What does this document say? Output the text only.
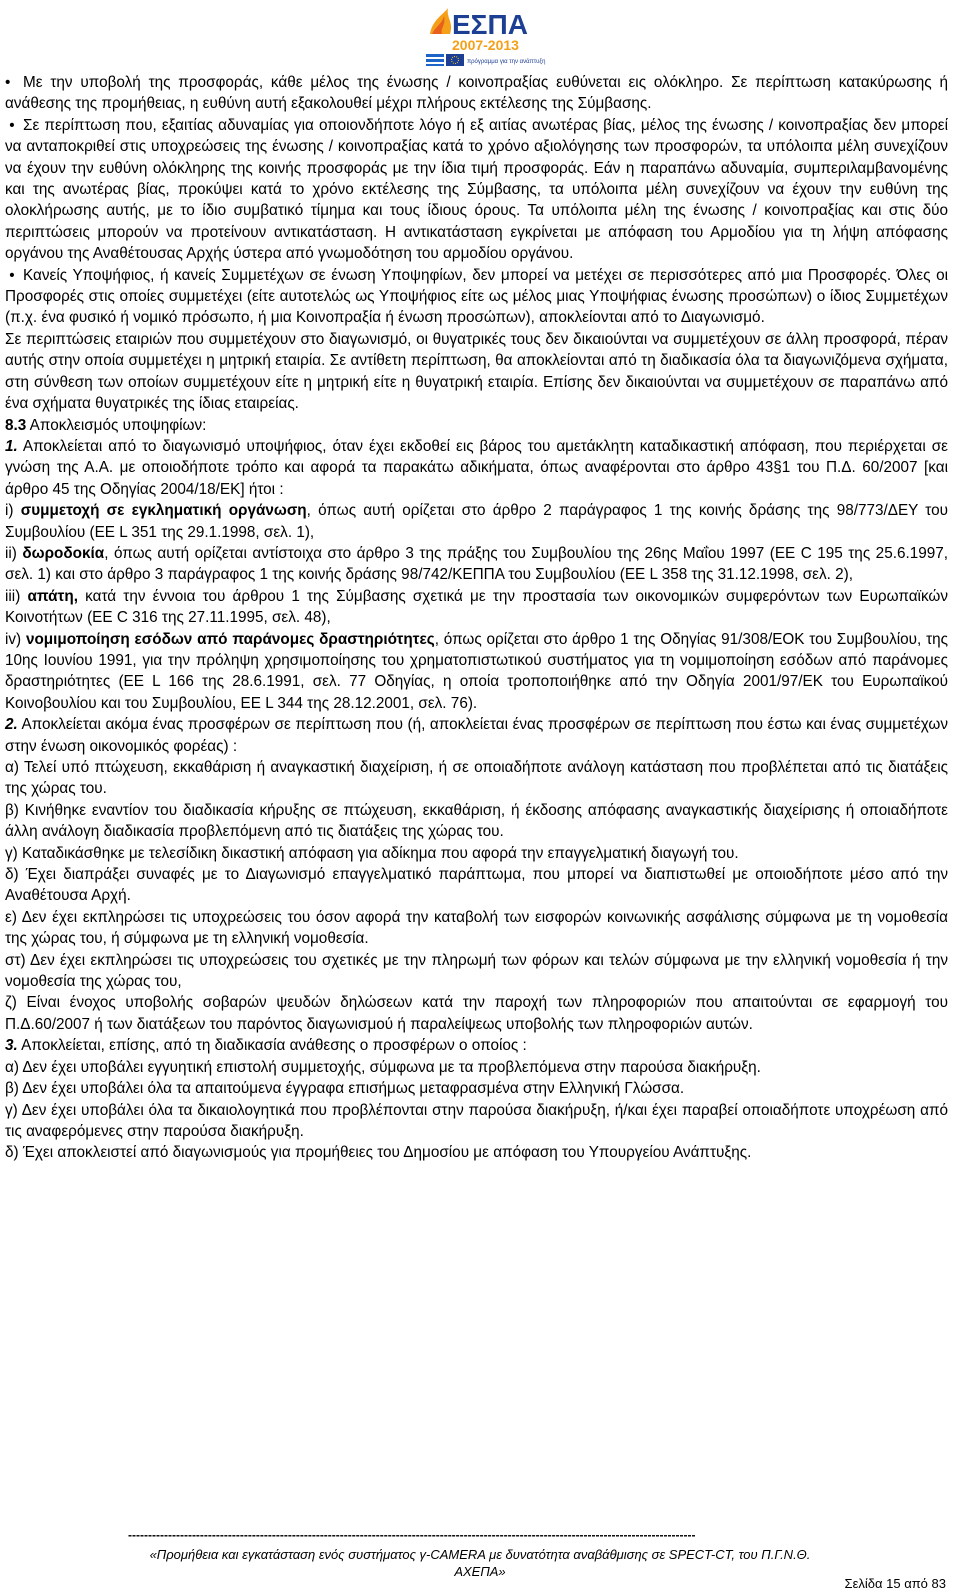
ΕΣΠΑ
2007-2013
πρόγραμμα για την ανάπτυξη

• Με την υποβολή της προσφοράς, κάθε μέλος της ένωσης / κοινοπραξίας ευθύνεται εις ολόκληρο. Σε περίπτωση κατακύρωσης ή ανάθεσης της προμήθειας, η ευθύνη αυτή εξακολουθεί μέχρι πλήρους εκτέλεσης της Σύμβασης.

• Σε περίπτωση που, εξαιτίας αδυναμίας για οποιονδήποτε λόγο ή εξ αιτίας ανωτέρας βίας, μέλος της ένωσης / κοινοπραξίας δεν μπορεί να ανταποκριθεί στις υποχρεώσεις της ένωσης / κοινοπραξίας κατά το χρόνο αξιολόγησης των προσφορών, τα υπόλοιπα μέλη συνεχίζουν να έχουν την ευθύνη ολόκληρης της κοινής προσφοράς με την ίδια τιμή προσφοράς. Εάν η παραπάνω αδυναμία, συμπεριλαμβανομένης και της ανωτέρας βίας, προκύψει κατά το χρόνο εκτέλεσης της Σύμβασης, τα υπόλοιπα μέλη συνεχίζουν να έχουν την ευθύνη της ολοκλήρωσης αυτής, με το ίδιο συμβατικό τίμημα και τους ίδιους όρους. Τα υπόλοιπα μέλη της ένωσης / κοινοπραξίας και στις δύο περιπτώσεις μπορούν να προτείνουν αντικατάσταση. Η αντικατάσταση εγκρίνεται με απόφαση του Αρμοδίου για τη λήψη απόφασης οργάνου της Αναθέτουσας Αρχής ύστερα από γνωμοδότηση του αρμοδίου οργάνου.

• Κανείς Υποψήφιος, ή κανείς Συμμετέχων σε ένωση Υποψηφίων, δεν μπορεί να μετέχει σε περισσότερες από μια Προσφορές. Όλες οι Προσφορές στις οποίες συμμετέχει (είτε αυτοτελώς ως Υποψήφιος είτε ως μέλος μιας Υποψήφιας ένωσης προσώπων) ο ίδιος Συμμετέχων (π.χ. ένα φυσικό ή νομικό πρόσωπο, ή μια Κοινοπραξία ή ένωση προσώπων), αποκλείονται από το Διαγωνισμό.

Σε περιπτώσεις εταιριών που συμμετέχουν στο διαγωνισμό, οι θυγατρικές τους δεν δικαιούνται να συμμετέχουν σε άλλη προσφορά, πέραν αυτής στην οποία συμμετέχει η μητρική εταιρία. Σε αντίθετη περίπτωση, θα αποκλείονται από τη διαδικασία όλα τα διαγωνιζόμενα σχήματα, στη σύνθεση των οποίων συμμετέχουν είτε η μητρική είτε η θυγατρική εταιρία. Επίσης δεν δικαιούνται να συμμετέχουν σε παραπάνω από ένα σχήματα θυγατρικές της ίδιας εταιρείας.

8.3 Αποκλεισμός υποψηφίων:

1. Αποκλείεται από το διαγωνισμό υποψήφιος, όταν έχει εκδοθεί εις βάρος του αμετάκλητη καταδικαστική απόφαση, που περιέρχεται σε γνώση της Α.Α. με οποιοδήποτε τρόπο και αφορά τα παρακάτω αδικήματα, όπως αναφέρονται στο άρθρο 43§1 του Π.Δ. 60/2007 [και άρθρο 45 της Οδηγίας 2004/18/ΕΚ] ήτοι :

i) συμμετοχή σε εγκληματική οργάνωση, όπως αυτή ορίζεται στο άρθρο 2 παράγραφος 1 της κοινής δράσης της 98/773/ΔΕΥ του Συμβουλίου (ΕΕ L 351 της 29.1.1998, σελ. 1),

ii) δωροδοκία, όπως αυτή ορίζεται αντίστοιχα στο άρθρο 3 της πράξης του Συμβουλίου της 26ης Μαΐου 1997 (ΕΕ C 195 της 25.6.1997, σελ. 1) και στο άρθρο 3 παράγραφος 1 της κοινής δράσης 98/742/ΚΕΠΠΑ του Συμβουλίου (ΕΕ L 358 της 31.12.1998, σελ. 2),

iii) απάτη, κατά την έννοια του άρθρου 1 της Σύμβασης σχετικά με την προστασία των οικονομικών συμφερόντων των Ευρωπαϊκών Κοινοτήτων (ΕΕ C 316 της 27.11.1995, σελ. 48),

iv) νομιμοποίηση εσόδων από παράνομες δραστηριότητες, όπως ορίζεται στο άρθρο 1 της Οδηγίας 91/308/ΕΟΚ του Συμβουλίου, της 10ης Ιουνίου 1991, για την πρόληψη χρησιμοποίησης του χρηματοπιστωτικού συστήματος για τη νομιμοποίηση εσόδων από παράνομες δραστηριότητες (ΕΕ L 166 της 28.6.1991, σελ. 77 Οδηγίας, η οποία τροποποιήθηκε από την Οδηγία 2001/97/ΕΚ του Ευρωπαϊκού Κοινοβουλίου και του Συμβουλίου, ΕΕ L 344 της 28.12.2001, σελ. 76).

2. Αποκλείεται ακόμα ένας προσφέρων σε περίπτωση που (ή, αποκλείεται ένας προσφέρων σε περίπτωση που έστω και ένας συμμετέχων στην ένωση οικονομικός φορέας) :

α) Τελεί υπό πτώχευση, εκκαθάριση ή αναγκαστική διαχείριση, ή σε οποιαδήποτε ανάλογη κατάσταση που προβλέπεται από τις διατάξεις της χώρας του.

β) Κινήθηκε εναντίον του διαδικασία κήρυξης σε πτώχευση, εκκαθάριση, ή έκδοσης απόφασης αναγκαστικής διαχείρισης ή οποιαδήποτε άλλη ανάλογη διαδικασία προβλεπόμενη από τις διατάξεις της χώρας του.

γ) Καταδικάσθηκε με τελεσίδικη δικαστική απόφαση για αδίκημα που αφορά την επαγγελματική διαγωγή του.

δ) Έχει διαπράξει συναφές με το Διαγωνισμό επαγγελματικό παράπτωμα, που μπορεί να διαπιστωθεί με οποιοδήποτε μέσο από την Αναθέτουσα Αρχή.

ε) Δεν έχει εκπληρώσει τις υποχρεώσεις του όσον αφορά την καταβολή των εισφορών κοινωνικής ασφάλισης σύμφωνα με τη νομοθεσία της χώρας του, ή σύμφωνα με τη ελληνική νομοθεσία.

στ) Δεν έχει εκπληρώσει τις υποχρεώσεις του σχετικές με την πληρωμή των φόρων και τελών σύμφωνα με την ελληνική νομοθεσία ή την νομοθεσία της χώρας του,

ζ) Είναι ένοχος υποβολής σοβαρών ψευδών δηλώσεων κατά την παροχή των πληροφοριών που απαιτούνται σε εφαρμογή του Π.Δ.60/2007 ή των διατάξεων του παρόντος διαγωνισμού ή παραλείψεως υποβολής των πληροφοριών αυτών.

3. Αποκλείεται, επίσης, από τη διαδικασία ανάθεσης ο προσφέρων ο οποίος :

α) Δεν έχει υποβάλει εγγυητική επιστολή συμμετοχής, σύμφωνα με τα προβλεπόμενα στην παρούσα διακήρυξη.

β) Δεν έχει υποβάλει όλα τα απαιτούμενα έγγραφα επισήμως μεταφρασμένα στην Ελληνική Γλώσσα.

γ) Δεν έχει υποβάλει όλα τα δικαιολογητικά που προβλέπονται στην παρούσα διακήρυξη, ή/και έχει παραβεί οποιαδήποτε υποχρέωση από τις αναφερόμενες στην παρούσα διακήρυξη.

δ) Έχει αποκλειστεί από διαγωνισμούς για προμήθειες του Δημοσίου με απόφαση του Υπουργείου Ανάπτυξης.

----------------------------------------------------------------------------------------------------------------------------------------------
«Προμήθεια και εγκατάσταση ενός συστήματος γ-CAMERA με δυνατότητα αναβάθμισης σε SPECT-CT, του Π.Γ.Ν.Θ.
ΑΧΕΠΑ»
Σελίδα 15 από 83
